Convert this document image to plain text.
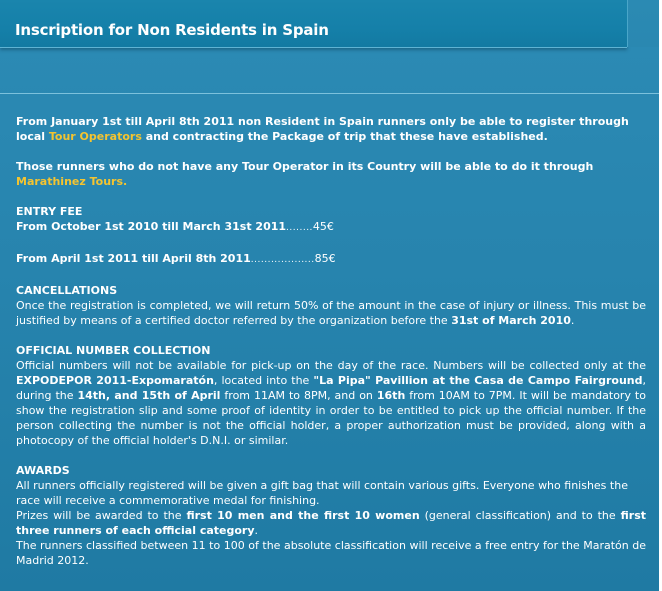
Inscription for Non Residents in Spain

From January 1st till April 8th 2011 non Resident in Spain runners only be able to register through local Tour Operators and contracting the Package of trip that these have established.

Those runners who do not have any Tour Operator in its Country will be able to do it through Marathinez Tours.

ENTRY FEE

From October 1st 2010 till March 31st 2011........45€

From April 1st 2011 till April 8th 2011...................85€

CANCELLATIONS

Once the registration is completed, we will return 50% of the amount in the case of injury or illness. This must be justified by means of a certified doctor referred by the organization before the 31st of March 2010.

OFFICIAL NUMBER COLLECTION

Official numbers will not be available for pick-up on the day of the race. Numbers will be collected only at the EXPODEPOR 2011-Expomaratón, located into the "La Pipa" Pavillion at the Casa de Campo Fairground, during the 14th, and 15th of April from 11AM to 8PM, and on 16th from 10AM to 7PM. It will be mandatory to show the registration slip and some proof of identity in order to be entitled to pick up the official number. If the person collecting the number is not the official holder, a proper authorization must be provided, along with a photocopy of the official holder's D.N.I. or similar.

AWARDS

All runners officially registered will be given a gift bag that will contain various gifts. Everyone who finishes the race will receive a commemorative medal for finishing.

Prizes will be awarded to the first 10 men and the first 10 women (general classification) and to the first three runners of each official category.

The runners classified between 11 to 100 of the absolute classification will receive a free entry for the Maratón de Madrid 2012.
